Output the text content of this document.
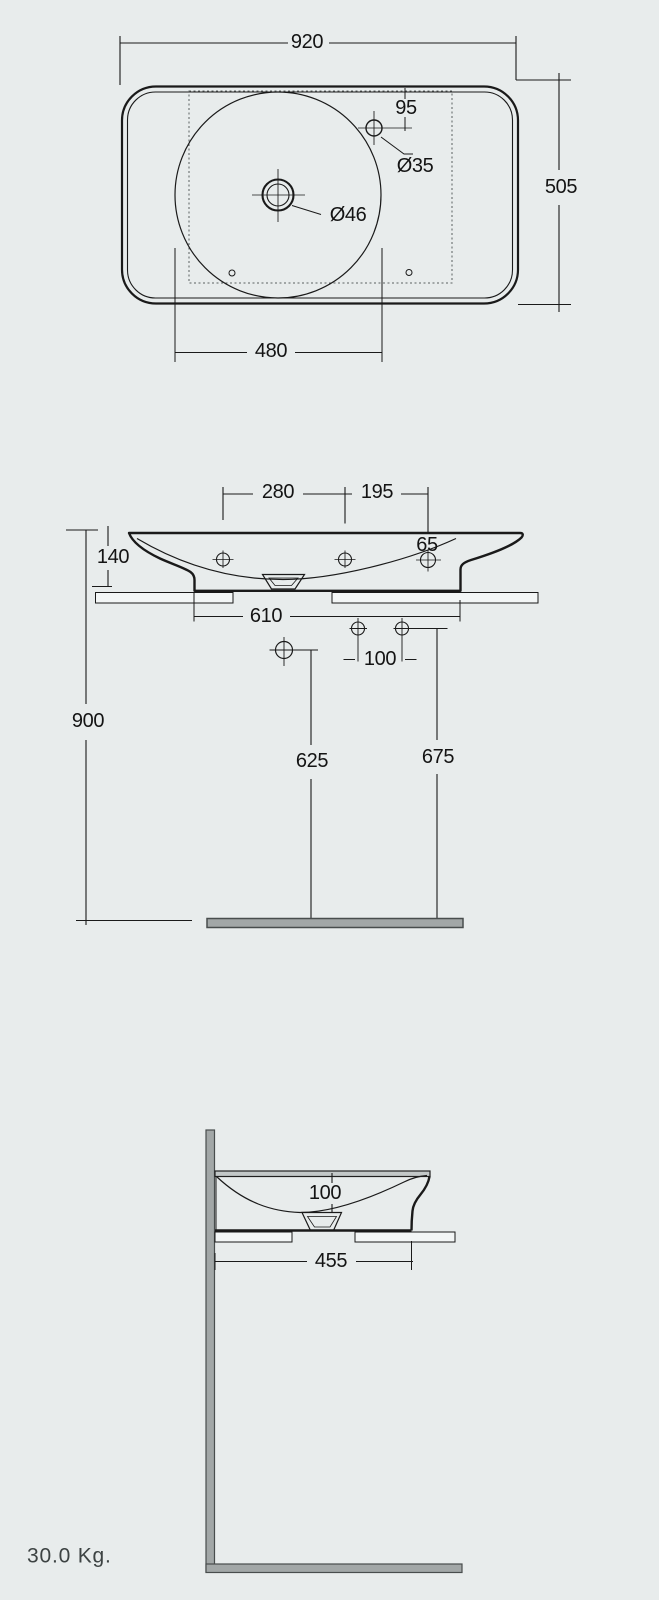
920
95
Ø35
Ø46
505
480
280	195
140
65
610
100
900
625	675
100
455
30.0 Kg.
